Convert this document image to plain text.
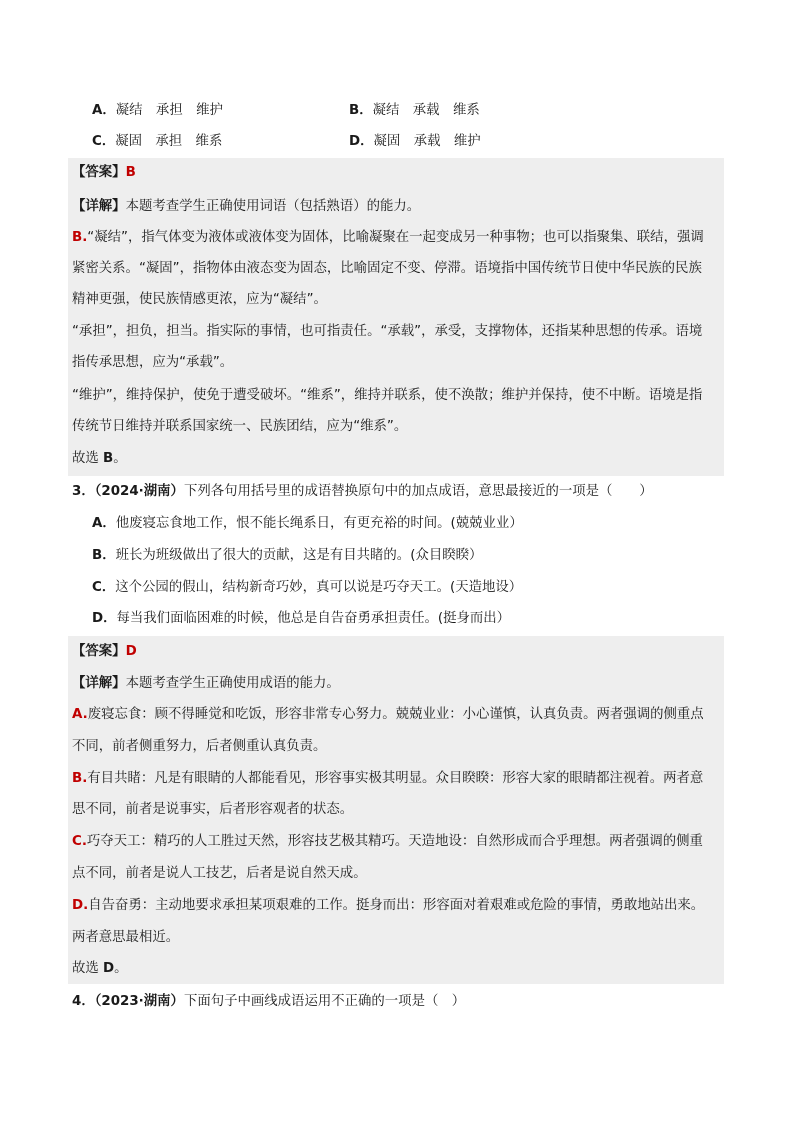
A．凝结　承担　维护	B．凝结　承载　维系
C．凝固　承担　维系	D．凝固　承载　维护
【答案】B
【详解】本题考查学生正确使用词语（包括熟语）的能力。
B.“凝结”，指气体变为液体或液体变为固体，比喻凝聚在一起变成另一种事物；也可以指聚集、联结，强调
紧密关系。“凝固”，指物体由液态变为固态，比喻固定不变、停滞。语境指中国传统节日使中华民族的民族
精神更强，使民族情感更浓，应为“凝结”。
“承担”，担负，担当。指实际的事情，也可指责任。“承载”，承受，支撑物体，还指某种思想的传承。语境
指传承思想，应为“承载”。
“维护”，维持保护，使免于遭受破坏。“维系”，维持并联系，使不涣散；维护并保持，使不中断。语境是指
传统节日维持并联系国家统一、民族团结，应为“维系”。
故选 B。
3．（2024·湖南）下列各句用括号里的成语替换原句中的加点成语，意思最接近的一项是（　　）
A．他废寝忘食地工作，恨不能长绳系日，有更充裕的时间。(兢兢业业）
B．班长为班级做出了很大的贡献，这是有目共睹的。(众目睽睽）
C．这个公园的假山，结构新奇巧妙，真可以说是巧夺天工。(天造地设）
D．每当我们面临困难的时候，他总是自告奋勇承担责任。(挺身而出）
【答案】D
【详解】本题考查学生正确使用成语的能力。
A.废寝忘食：顾不得睡觉和吃饭，形容非常专心努力。兢兢业业：小心谨慎，认真负责。两者强调的侧重点
不同，前者侧重努力，后者侧重认真负责。
B.有目共睹：凡是有眼睛的人都能看见，形容事实极其明显。众目睽睽：形容大家的眼睛都注视着。两者意
思不同，前者是说事实，后者形容观者的状态。
C.巧夺天工：精巧的人工胜过天然，形容技艺极其精巧。天造地设：自然形成而合乎理想。两者强调的侧重
点不同，前者是说人工技艺，后者是说自然天成。
D.自告奋勇：主动地要求承担某项艰难的工作。挺身而出：形容面对着艰难或危险的事情，勇敢地站出来。
两者意思最相近。
故选 D。
4．（2023·湖南）下面句子中画线成语运用不正确的一项是（　）
